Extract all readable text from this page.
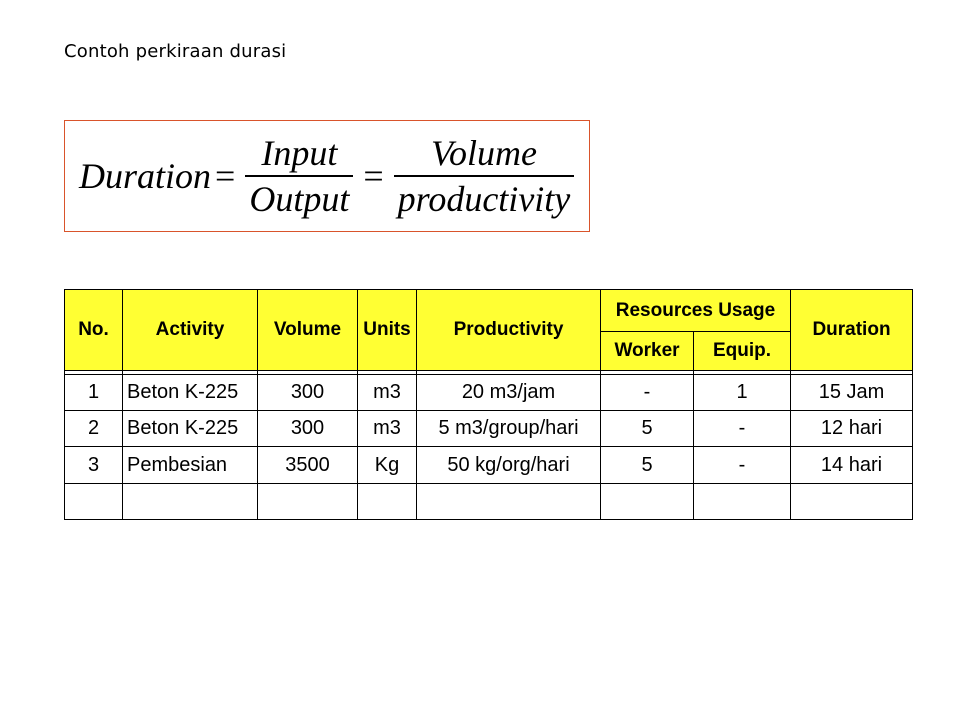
Contoh perkiraan durasi
Duration = $\frac{\text{Input}}{\text{Output}} = \frac{\text{Volume}}{\text{productivity}}$
No.	Activity	Volume	Units	Productivity	Resources Usage		Duration
					Worker	Equip.	

1	Beton K-225	300	m3	20 m3/jam	-	1	15 Jam
2	Beton K-225	300	m3	5 m3/group/hari	5	-	12 hari
3	Pembesian	3500	Kg	50 kg/org/hari	5	-	14 hari
